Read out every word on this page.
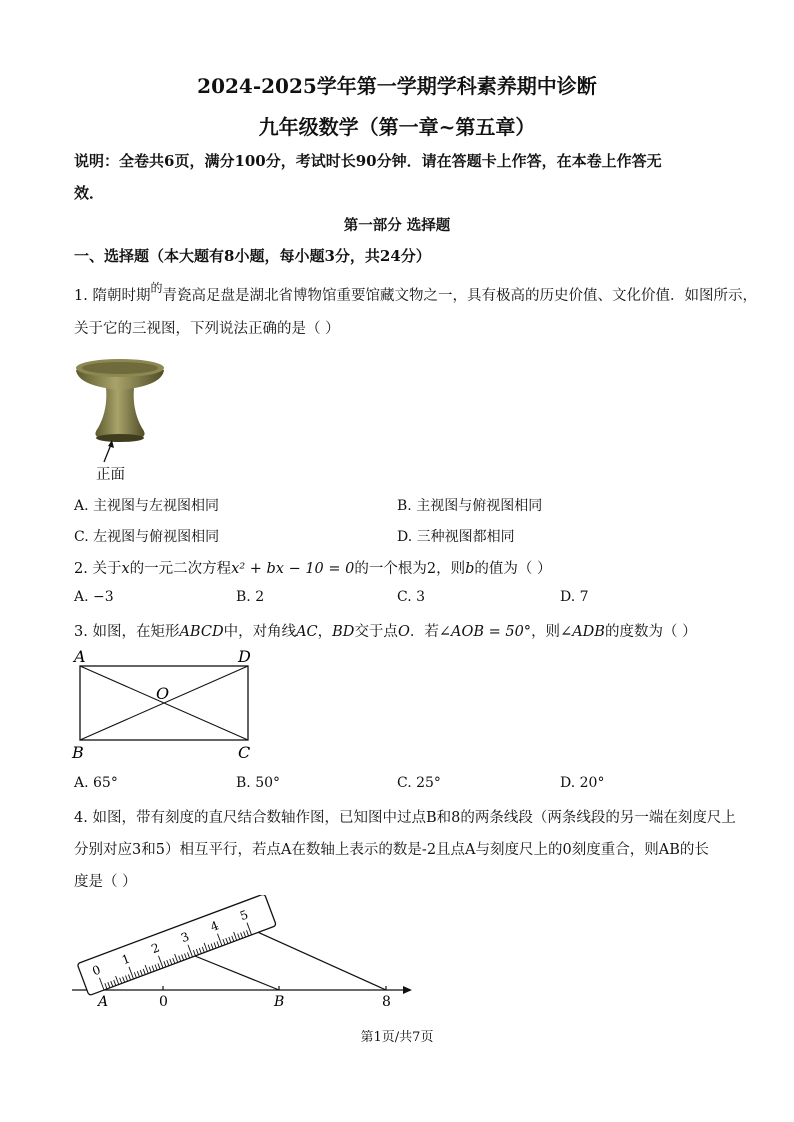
2024-2025学年第一学期学科素养期中诊断
九年级数学（第一章~第五章）
说明：全卷共6页，满分100分，考试时长90分钟．请在答题卡上作答，在本卷上作答无
效．
第一部分 选择题
一、选择题（本大题有8小题，每小题3分，共24分）
1. 隋朝时期$^的$青瓷高足盘是湖北省博物馆重要馆藏文物之一，具有极高的历史价值、文化价值．如图所示，
关于它的三视图，下列说法正确的是（ ）
正面
A. 主视图与左视图相同	B. 主视图与俯视图相同
C. 左视图与俯视图相同	D. 三种视图都相同
2. 关于x的一元二次方程x² + bx − 10 = 0的一个根为2，则b的值为（ ）
A. −3	B. 2	C. 3	D. 7
3. 如图，在矩形ABCD中，对角线AC，BD交于点O．若∠AOB = 50°，则∠ADB的度数为（ ）
A	D
O
B	C
A. 65°	B. 50°	C. 25°	D. 20°
4. 如图，带有刻度的直尺结合数轴作图，已知图中过点B和8的两条线段（两条线段的另一端在刻度尺上
分别对应3和5）相互平行，若点A在数轴上表示的数是-2且点A与刻度尺上的0刻度重合，则AB的长
度是（ ）
A	0	B	8
0
1
2
3
4
5
第1页/共7页
